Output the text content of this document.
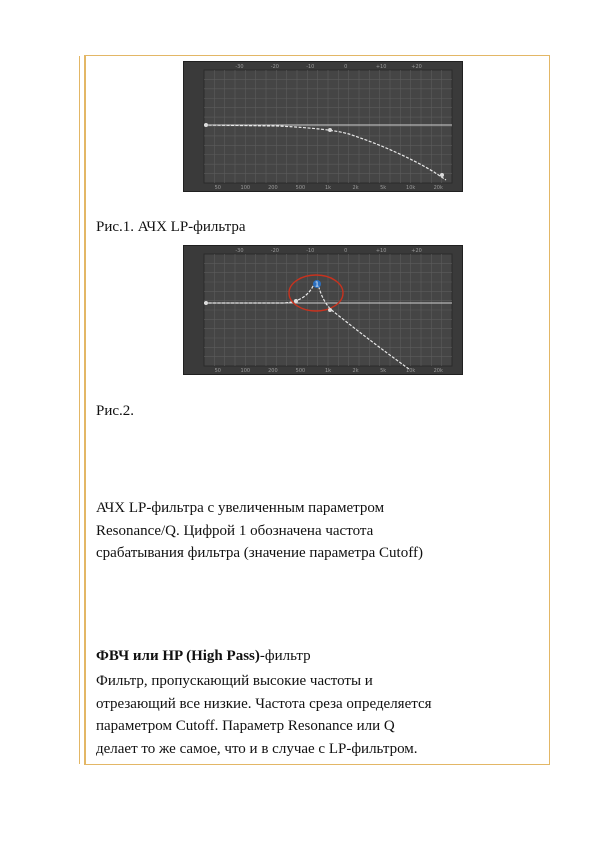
-30	-20	-10	0	+10	+20
50	100	200	500	1k	2k	5k	10k	20k
Рис.1. АЧХ LP-фильтра
-30	-20	-10	0	+10	+20
50	100	200	500	1k	2k	5k	10k	20k
1
Рис.2.
АЧХ LP-фильтра с увеличенным параметром
Resonance/Q. Цифрой 1 обозначена частота
срабатывания фильтра (значение параметра Cutoff)
ФВЧ или HP (High Pass)-фильтр
Фильтр, пропускающий высокие частоты и
отрезающий все низкие. Частота среза определяется
параметром Cutoff. Параметр Resonance или Q
делает то же самое, что и в случае с LP-фильтром.
